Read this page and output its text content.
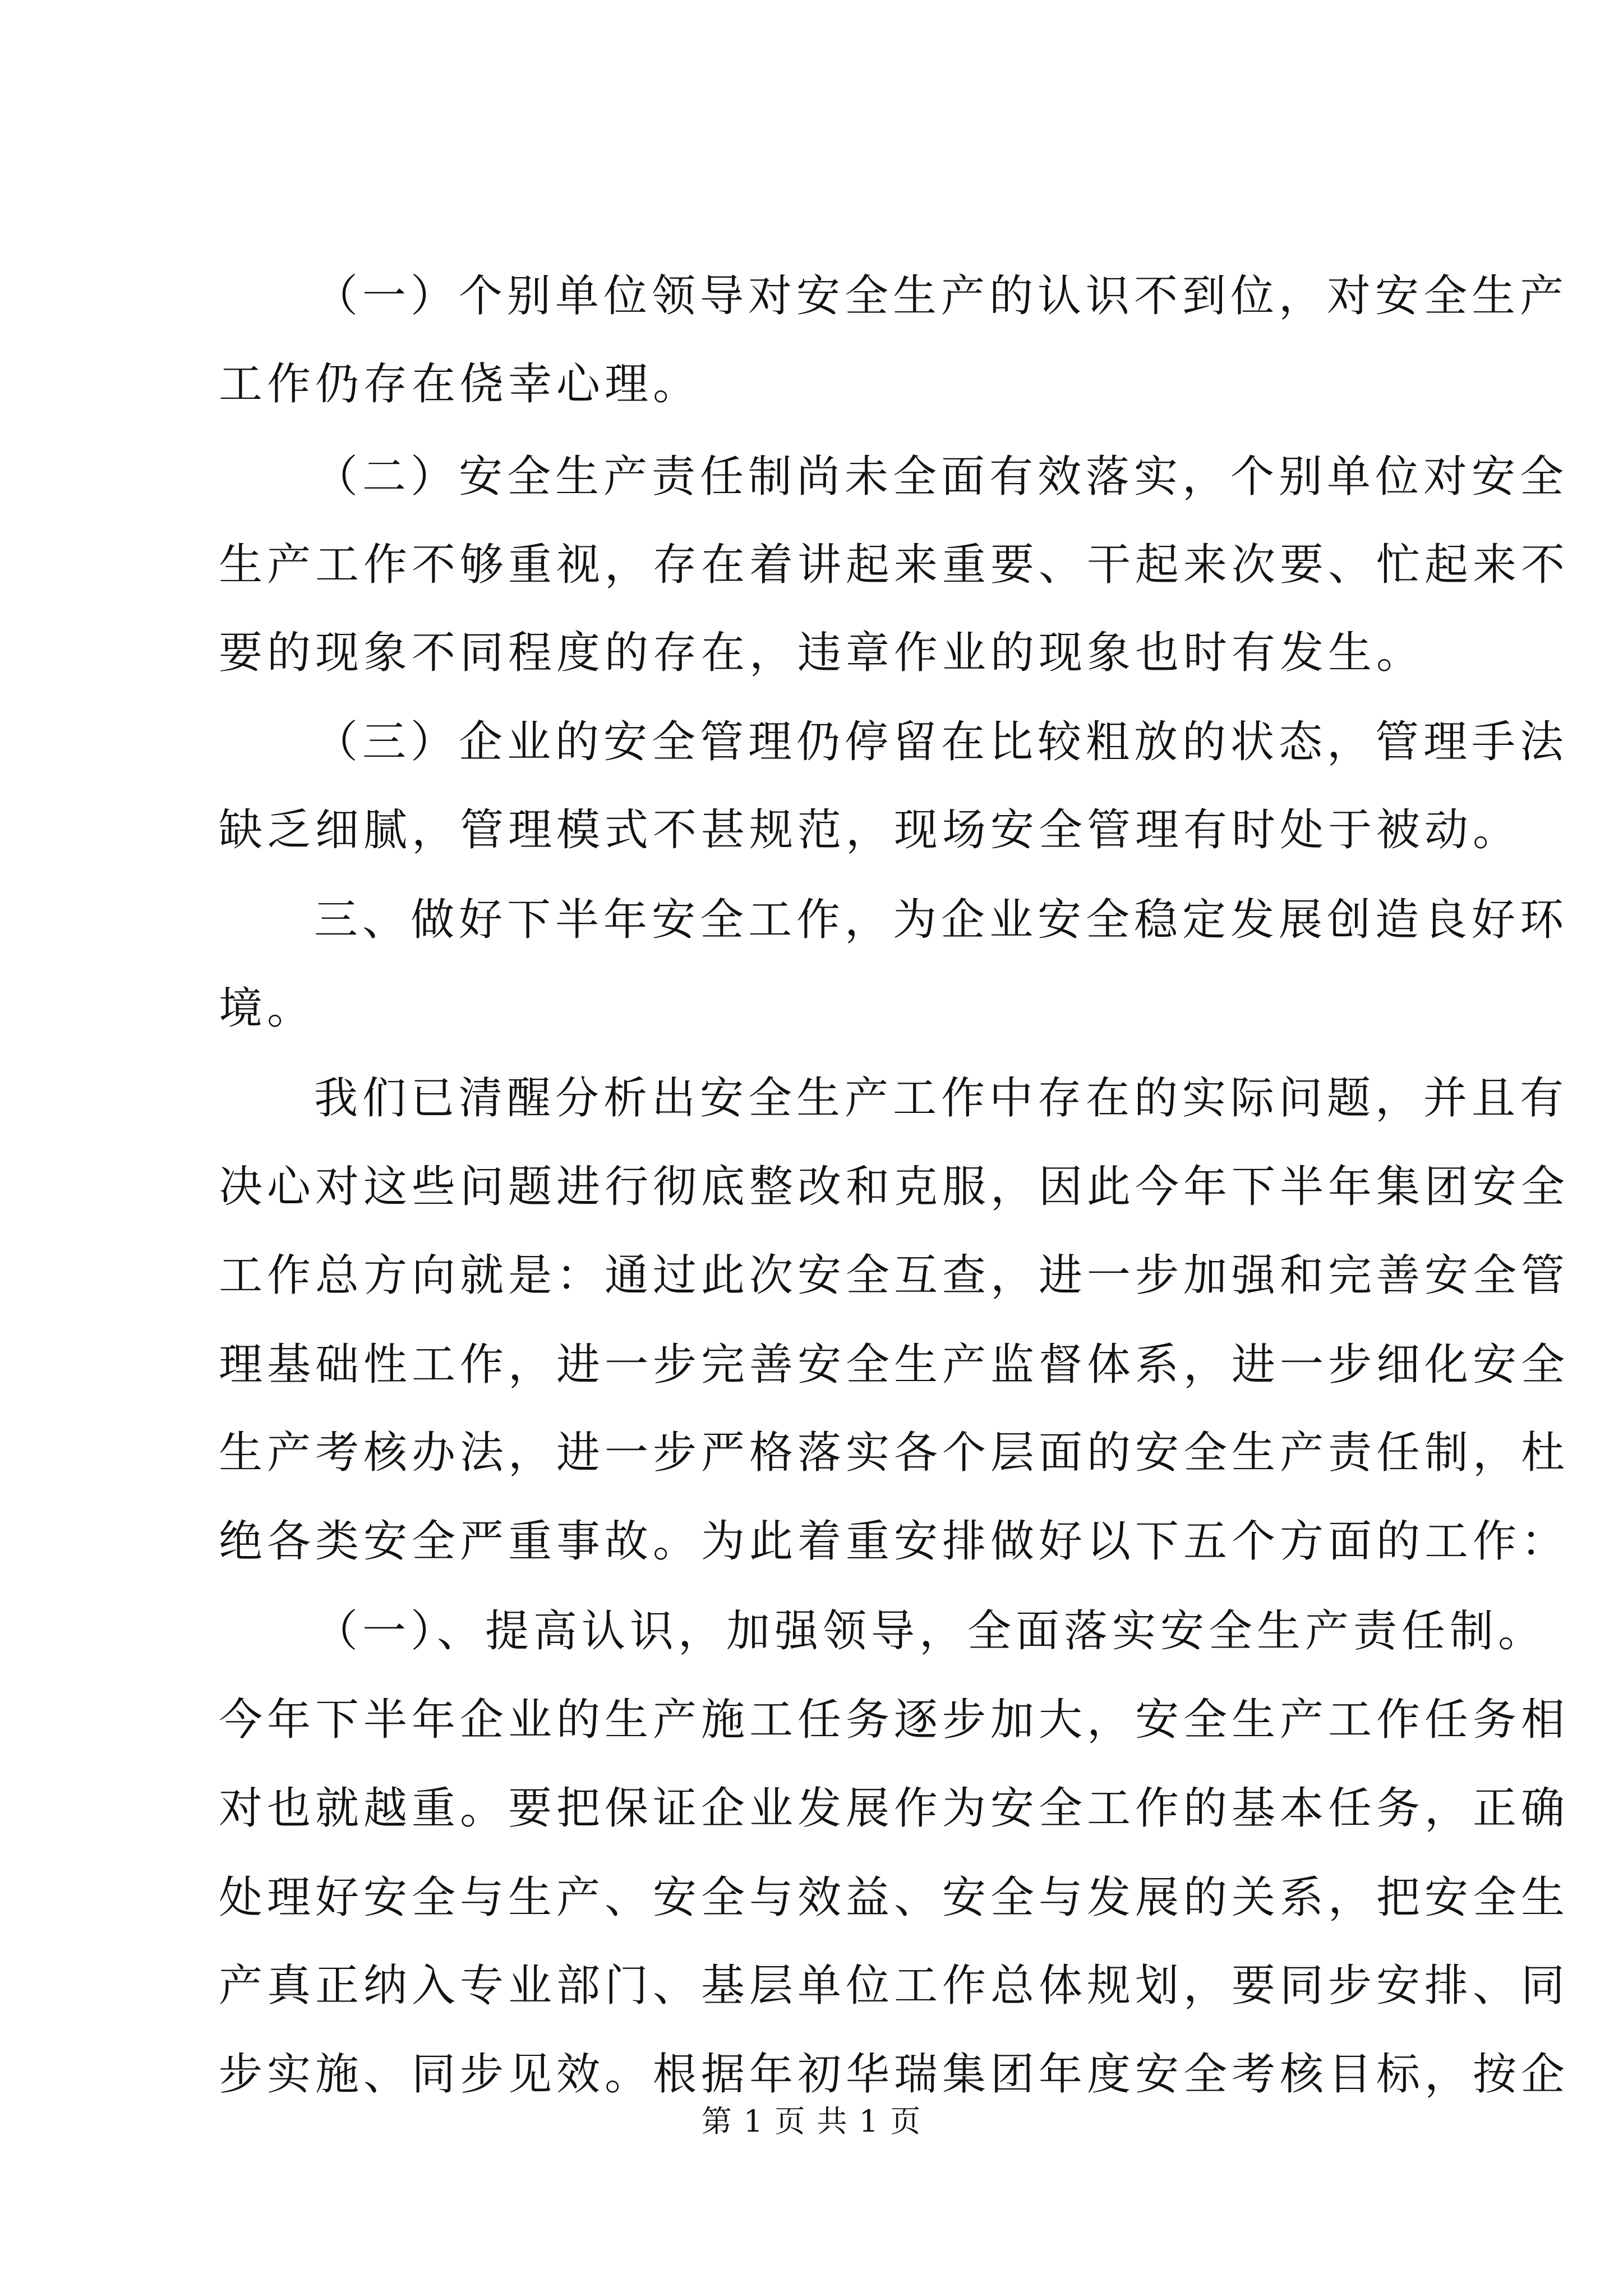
（一）个别单位领导对安全生产的认识不到位，对安全生产
工作仍存在侥幸心理。
（二）安全生产责任制尚未全面有效落实，个别单位对安全
生产工作不够重视，存在着讲起来重要、干起来次要、忙起来不
要的现象不同程度的存在，违章作业的现象也时有发生。
（三）企业的安全管理仍停留在比较粗放的状态，管理手法
缺乏细腻，管理模式不甚规范，现场安全管理有时处于被动。
三、做好下半年安全工作，为企业安全稳定发展创造良好环
境。
我们已清醒分析出安全生产工作中存在的实际问题，并且有
决心对这些问题进行彻底整改和克服，因此今年下半年集团安全
工作总方向就是：通过此次安全互查，进一步加强和完善安全管
理基础性工作，进一步完善安全生产监督体系，进一步细化安全
生产考核办法，进一步严格落实各个层面的安全生产责任制，杜
绝各类安全严重事故。为此着重安排做好以下五个方面的工作：
（一）、提高认识，加强领导，全面落实安全生产责任制。
今年下半年企业的生产施工任务逐步加大，安全生产工作任务相
对也就越重。要把保证企业发展作为安全工作的基本任务，正确
处理好安全与生产、安全与效益、安全与发展的关系，把安全生
产真正纳入专业部门、基层单位工作总体规划，要同步安排、同
步实施、同步见效。根据年初华瑞集团年度安全考核目标，按企
第 1 页 共 1 页
